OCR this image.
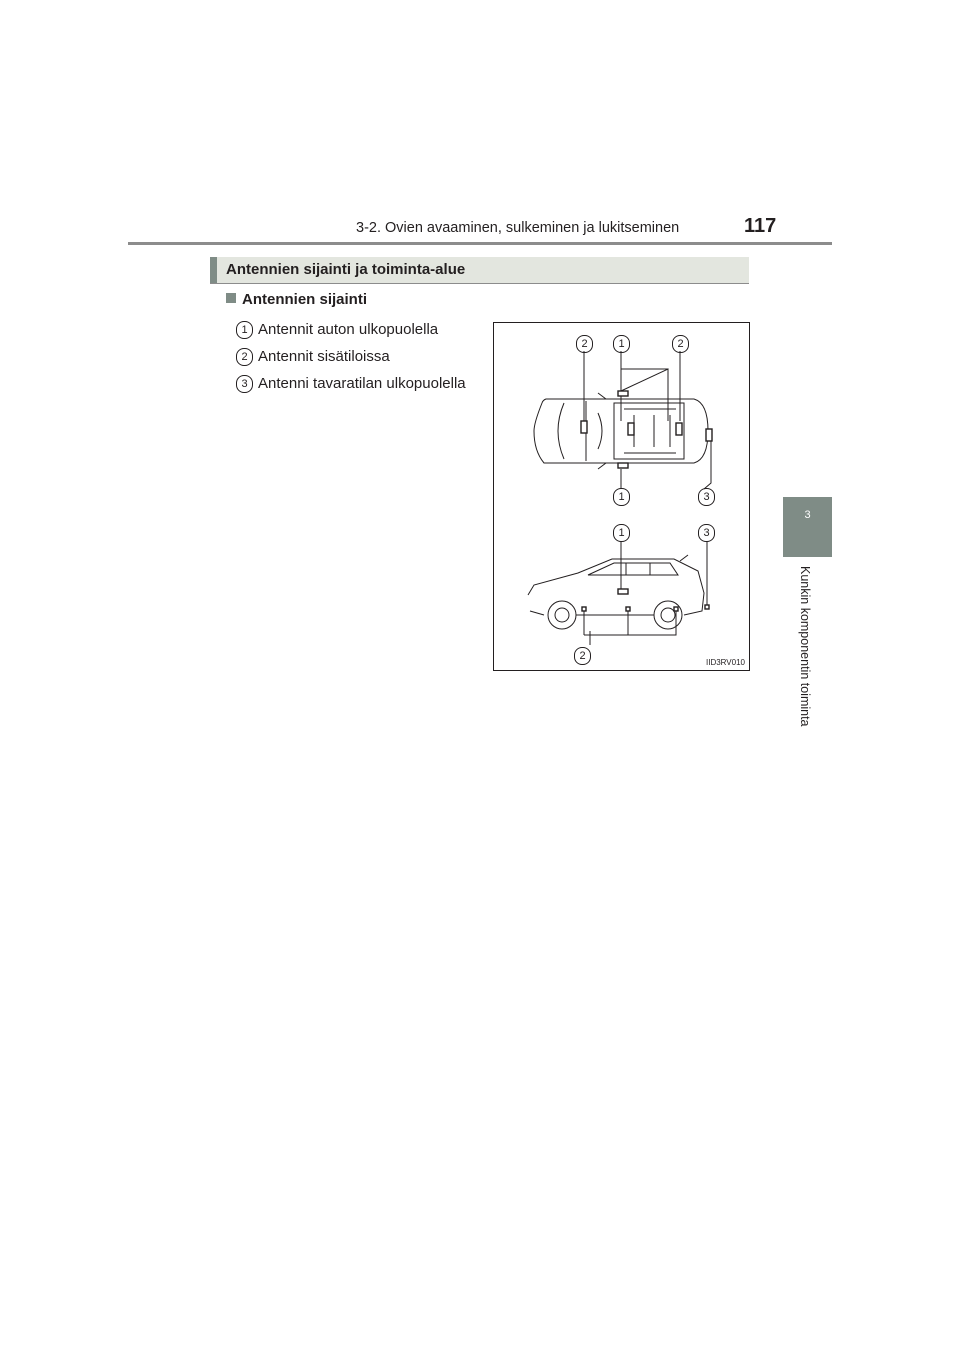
3-2. Ovien avaaminen, sulkeminen ja lukitseminen	117
3
Kunkin komponentin toiminta
Antennien sijainti ja toiminta-alue
Antennien sijainti
1 Antennit auton ulkopuolella
2 Antennit sisätiloissa
3 Antenni tavaratilan ulkopuolella
2	1	2
1	3
1	3
2
IID3RV010
